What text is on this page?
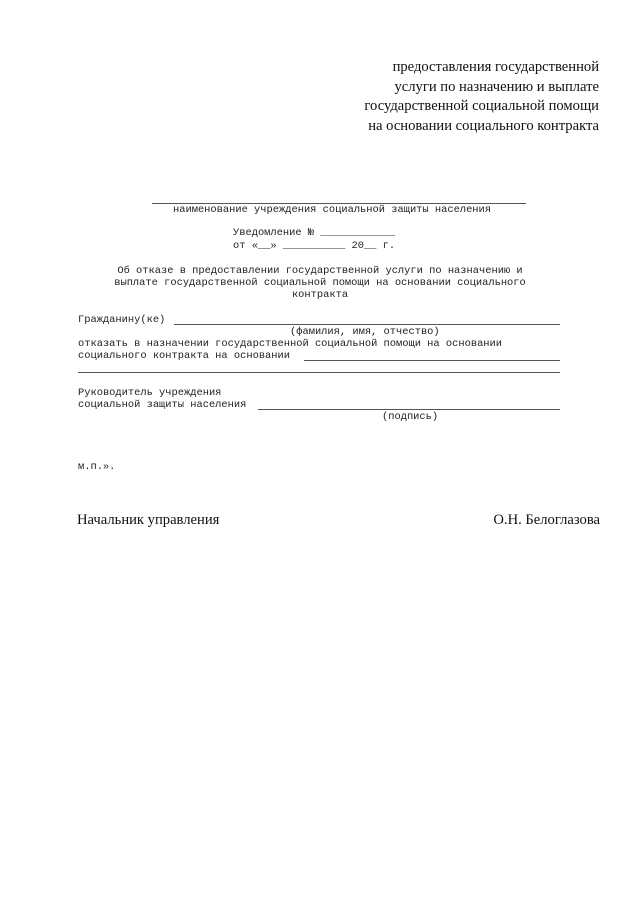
предоставления государственной
услуги по назначению и выплате
государственной социальной помощи
на основании социального контракта
наименование учреждения социальной защиты населения
Уведомление № ____________
от «__» __________ 20__ г.
Об отказе в предоставлении государственной услуги по назначению и
выплате государственной социальной помощи на основании социального
контракта
Гражданину(ке)
(фамилия, имя, отчество)
отказать в назначении государственной социальной помощи на основании
социального контракта на основании
Руководитель учреждения
социальной защиты населения
(подпись)
м.п.».
Начальник управления	О.Н. Белоглазова
